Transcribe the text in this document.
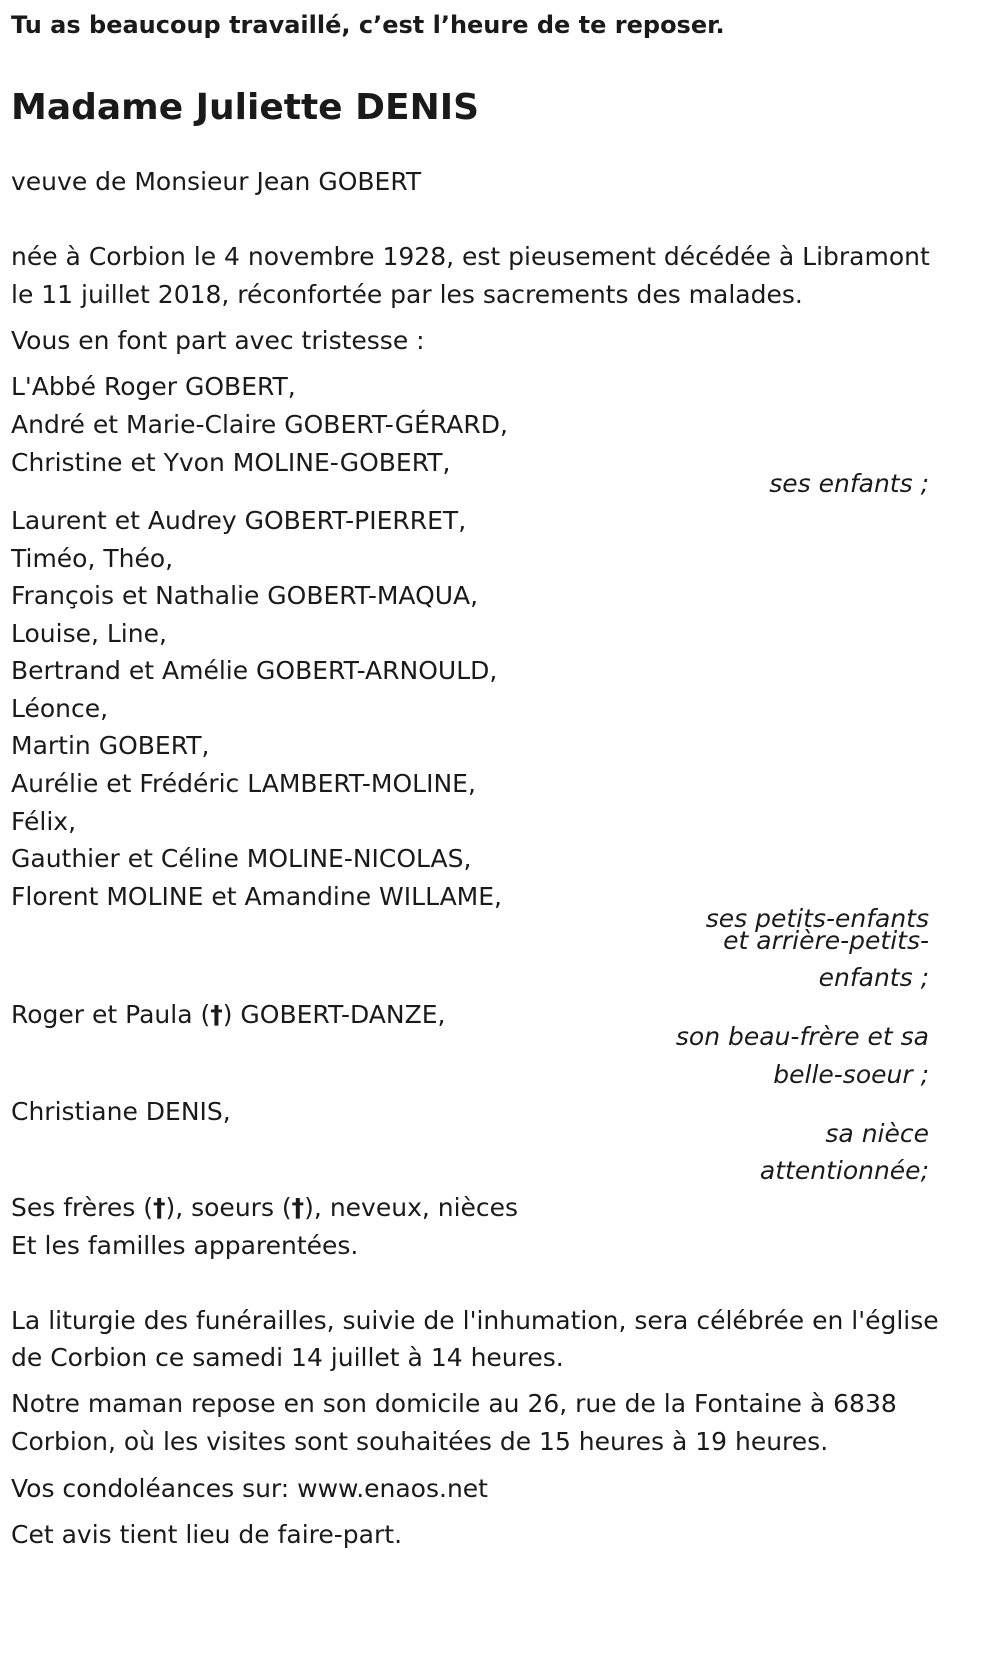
Tu as beaucoup travaillé, c’est l’heure de te reposer.
Madame Juliette DENIS
veuve de Monsieur Jean GOBERT
née à Corbion le 4 novembre 1928, est pieusement décédée à Libramont
le 11 juillet 2018, réconfortée par les sacrements des malades.
Vous en font part avec tristesse :
L'Abbé Roger GOBERT,
André et Marie-Claire GOBERT-GÉRARD,
Christine et Yvon MOLINE-GOBERT,
ses enfants ;
Laurent et Audrey GOBERT-PIERRET,
Timéo, Théo,
François et Nathalie GOBERT-MAQUA,
Louise, Line,
Bertrand et Amélie GOBERT-ARNOULD,
Léonce,
Martin GOBERT,
Aurélie et Frédéric LAMBERT-MOLINE,
Félix,
Gauthier et Céline MOLINE-NICOLAS,
Florent MOLINE et Amandine WILLAME,
ses petits-enfants
et arrière-petits-
enfants ;
Roger et Paula (†) GOBERT-DANZE,
son beau-frère et sa
belle-soeur ;
Christiane DENIS,
sa nièce
attentionnée;
Ses frères (†), soeurs (†), neveux, nièces
Et les familles apparentées.
La liturgie des funérailles, suivie de l'inhumation, sera célébrée en l'église
de Corbion ce samedi 14 juillet à 14 heures.
Notre maman repose en son domicile au 26, rue de la Fontaine à 6838
Corbion, où les visites sont souhaitées de 15 heures à 19 heures.
Vos condoléances sur: www.enaos.net
Cet avis tient lieu de faire-part.
